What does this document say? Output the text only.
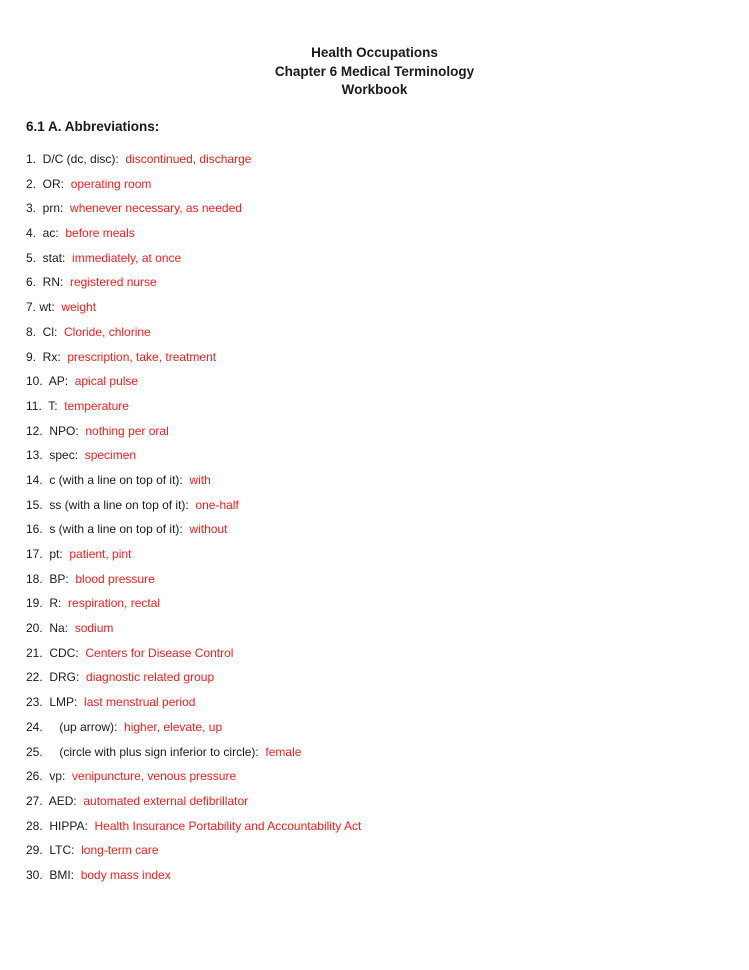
Health Occupations
Chapter 6 Medical Terminology
Workbook
6.1 A. Abbreviations:
1.  D/C (dc, disc):  discontinued, discharge
2.  OR:  operating room
3.  prn:  whenever necessary, as needed
4.  ac:  before meals
5.  stat:  immediately, at once
6.  RN:  registered nurse
7. wt:  weight
8.  Cl:  Cloride, chlorine
9.  Rx:  prescription, take, treatment
10.  AP:  apical pulse
11.  T:  temperature
12.  NPO:  nothing per oral
13.  spec:  specimen
14.  c (with a line on top of it):  with
15.  ss (with a line on top of it):  one-half
16.  s (with a line on top of it):  without
17.  pt:  patient, pint
18.  BP:  blood pressure
19.  R:  respiration, rectal
20.  Na:  sodium
21.  CDC:  Centers for Disease Control
22.  DRG:  diagnostic related group
23.  LMP:  last menstrual period
24.     (up arrow):  higher, elevate, up
25.     (circle with plus sign inferior to circle):  female
26.  vp:  venipuncture, venous pressure
27.  AED:  automated external defibrillator
28.  HIPPA:  Health Insurance Portability and Accountability Act
29.  LTC:  long-term care
30.  BMI:  body mass index
